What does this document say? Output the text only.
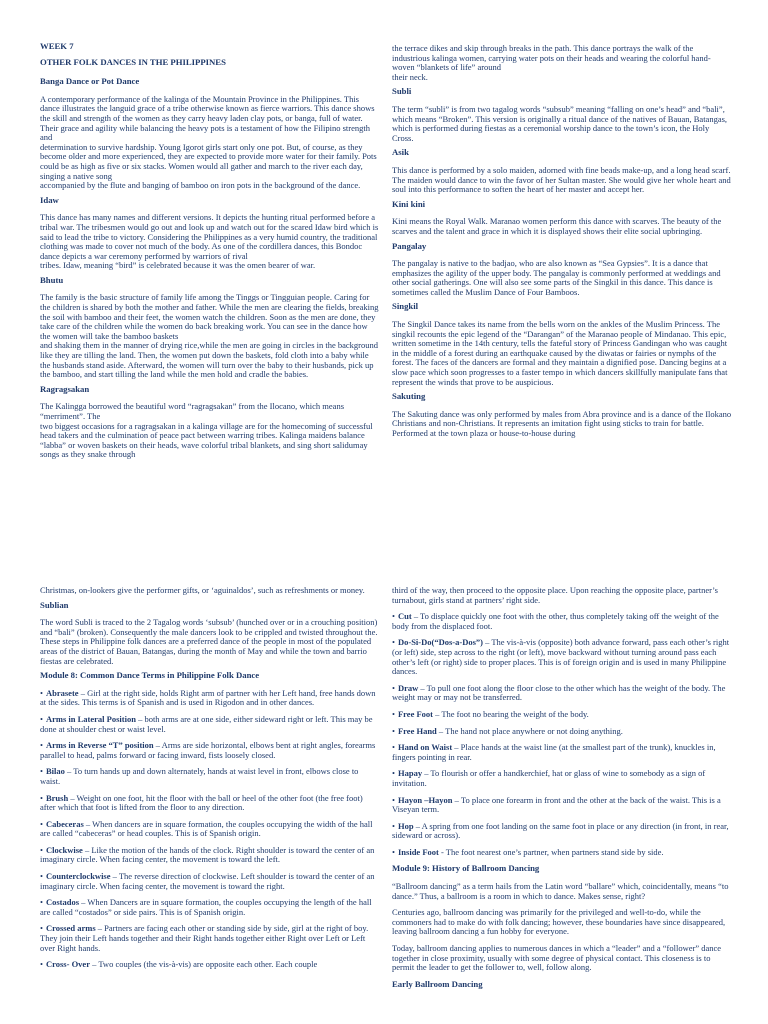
WEEK 7

OTHER FOLK DANCES IN THE PHILIPPINES

Banga Dance or Pot Dance

A contemporary performance of the kalinga of the Mountain Province in the Philippines. This dance illustrates the languid grace of a tribe otherwise known as fierce warriors. This dance shows the skill and strength of the women as they carry heavy laden clay pots, or banga, full of water. Their grace and agility while balancing the heavy pots is a testament of how the Filipino strength and

determination to survive hardship. Young Igorot girls start only one pot. But, of course, as they become older and more experienced, they are expected to provide more water for their family. Pots could be as high as five or six stacks. Women would all gather and march to the river each day, singing a native song

accompanied by the flute and banging of bamboo on iron pots in the background of the dance.

Idaw

This dance has many names and different versions. It depicts the hunting ritual performed before a tribal war. The tribesmen would go out and look up and watch out for the scared Idaw bird which is said to lead the tribe to victory. Considering the Philippines as a very humid country, the traditional clothing was made to cover not much of the body. As one of the cordillera dances, this Bondoc dance depicts a war ceremony performed by warriors of rival

tribes. Idaw, meaning “bird” is celebrated because it was the omen bearer of war.

Bhutu

The family is the basic structure of family life among the Tinggs or Tingguian people. Caring for the children is shared by both the mother and father. While the men are clearing the fields, breaking the soil with bamboo and their feet, the women watch the children. Soon as the men are done, they take care of the children while the women do back breaking work. You can see in the dance how the women will take the bamboo baskets

and shaking them in the manner of drying rice,while the men are going in circles in the background like they are tilling the land. Then, the women put down the baskets, fold cloth into a baby while the husbands stand aside. Afterward, the women will turn over the baby to their husbands, pick up the bamboo, and start tilling the land while the men hold and cradle the babies.

Ragragsakan

The Kalingga borrowed the beautiful word “ragragsakan” from the Ilocano, which means “merriment”. The

two biggest occasions for a ragragsakan in a kalinga village are for the homecoming of successful head takers and the culmination of peace pact between warring tribes. Kalinga maidens balance “labba” or woven baskets on their heads, wave colorful tribal blankets, and sing short salidumay songs as they snake through

the terrace dikes and skip through breaks in the path. This dance portrays the walk of the industrious kalinga women, carrying water pots on their heads and wearing the colorful hand-woven “blankets of life” around

their neck.

Subli

The term “subli” is from two tagalog words “subsub” meaning “falling on one’s head” and “bali”, which means “Broken”. This version is originally a ritual dance of the natives of Bauan, Batangas, which is performed during fiestas as a ceremonial worship dance to the town’s icon, the Holy Cross.

Asik

This dance is performed by a solo maiden, adorned with fine beads make-up, and a long head scarf. The maiden would dance to win the favor of her Sultan master. She would give her whole heart and soul into this performance to soften the heart of her master and accept her.

Kini kini

Kini means the Royal Walk. Maranao women perform this dance with scarves. The beauty of the scarves and the talent and grace in which it is displayed shows their elite social upbringing.

Pangalay

The pangalay is native to the badjao, who are also known as “Sea Gypsies”. It is a dance that emphasizes the agility of the upper body. The pangalay is commonly performed at weddings and other social gatherings. One will also see some parts of the Singkil in this dance. This dance is sometimes called the Muslim Dance of Four Bamboos.

Singkil

The Singkil Dance takes its name from the bells worn on the ankles of the Muslim Princess. The singkil recounts the epic legend of the “Darangan” of the Maranao people of Mindanao. This epic, written sometime in the 14th century, tells the fateful story of Princess Gandingan who was caught in the middle of a forest during an earthquake caused by the diwatas or fairies or nymphs of the forest. The faces of the dancers are formal and they maintain a dignified pose. Dancing begins at a slow pace which soon progresses to a faster tempo in which dancers skillfully manipulate fans that represent the winds that prove to be auspicious.

Sakuting

The Sakuting dance was only performed by males from Abra province and is a dance of the Ilokano Christians and non-Christians. It represents an imitation fight using sticks to train for battle. Performed at the town plaza or house-to-house during

Christmas, on-lookers give the performer gifts, or ‘aguinaldos’, such as refreshments or money.

Sublian

The word Subli is traced to the 2 Tagalog words ‘subsub’ (hunched over or in a crouching position) and “bali” (broken). Consequently the male dancers look to be crippled and twisted throughout the. These steps in Philippine folk dances are a preferred dance of the people in most of the populated areas of the district of Bauan, Batangas, during the month of May and while the town and barrio fiestas are celebrated.

Module 8: Common Dance Terms in Philippine Folk Dance

• Abrasete – Girl at the right side, holds Right arm of partner with her Left hand, free hands down at the sides. This terms is of Spanish and is used in Rigodon and in other dances.
• Arms in Lateral Position – both arms are at one side, either sideward right or left. This may be done at shoulder chest or waist level.
• Arms in Reverse “T” position – Arms are side horizontal, elbows bent at right angles, forearms parallel to head, palms forward or facing inward, fists loosely closed.
• Bilao – To turn hands up and down alternately, hands at waist level in front, elbows close to waist.
• Brush – Weight on one foot, hit the floor with the ball or heel of the other foot (the free foot) after which that foot is lifted from the floor to any direction.
• Cabeceras – When dancers are in square formation, the couples occupying the width of the hall are called “cabeceras” or head couples. This is of Spanish origin.
• Clockwise – Like the motion of the hands of the clock. Right shoulder is toward the center of an imaginary circle. When facing center, the movement is toward the left.
• Counterclockwise – The reverse direction of clockwise. Left shoulder is toward the center of an imaginary circle. When facing center, the movement is toward the right.
• Costados – When Dancers are in square formation, the couples occupying the length of the hall are called “costados” or side pairs. This is of Spanish origin.
• Crossed arms – Partners are facing each other or standing side by side, girl at the right of boy. They join their Left hands together and their Right hands together either Right over Left or Left over Right hands.
• Cross- Over – Two couples (the vis-à-vis) are opposite each other. Each couple

third of the way, then proceed to the opposite place. Upon reaching the opposite place, partner’s turnabout, girls stand at partners’ right side.

• Cut – To displace quickly one foot with the other, thus completely taking off the weight of the body from the displaced foot.
• Do-Si-Do(“Dos-a-Dos”) – The vis-à-vis (opposite) both advance forward, pass each other’s right (or left) side, step across to the right (or left), move backward without turning around pass each other’s left (or right) side to proper places. This is of foreign origin and is used in many Philippine dances.
• Draw – To pull one foot along the floor close to the other which has the weight of the body. The weight may or may not be transferred.
• Free Foot – The foot no bearing the weight of the body.
• Free Hand – The hand not place anywhere or not doing anything.
• Hand on Waist – Place hands at the waist line (at the smallest part of the trunk), knuckles in, fingers pointing in rear.
• Hapay – To flourish or offer a handkerchief, hat or glass of wine to somebody as a sign of invitation.
• Hayon –Hayon – To place one forearm in front and the other at the back of the waist. This is a Viseyan term.
• Hop – A spring from one foot landing on the same foot in place or any direction (in front, in rear, sideward or across).
• Inside Foot - The foot nearest one’s partner, when partners stand side by side.

Module 9: History of Ballroom Dancing

“Ballroom dancing” as a term hails from the Latin word “ballare” which, coincidentally, means “to dance.” Thus, a ballroom is a room in which to dance. Makes sense, right?

Centuries ago, ballroom dancing was primarily for the privileged and well-to-do, while the commoners had to make do with folk dancing; however, these boundaries have since disappeared, leaving ballroom dancing a fun hobby for everyone.

Today, ballroom dancing applies to numerous dances in which a “leader” and a “follower” dance together in close proximity, usually with some degree of physical contact. This closeness is to permit the leader to get the follower to, well, follow along.

Early Ballroom Dancing
